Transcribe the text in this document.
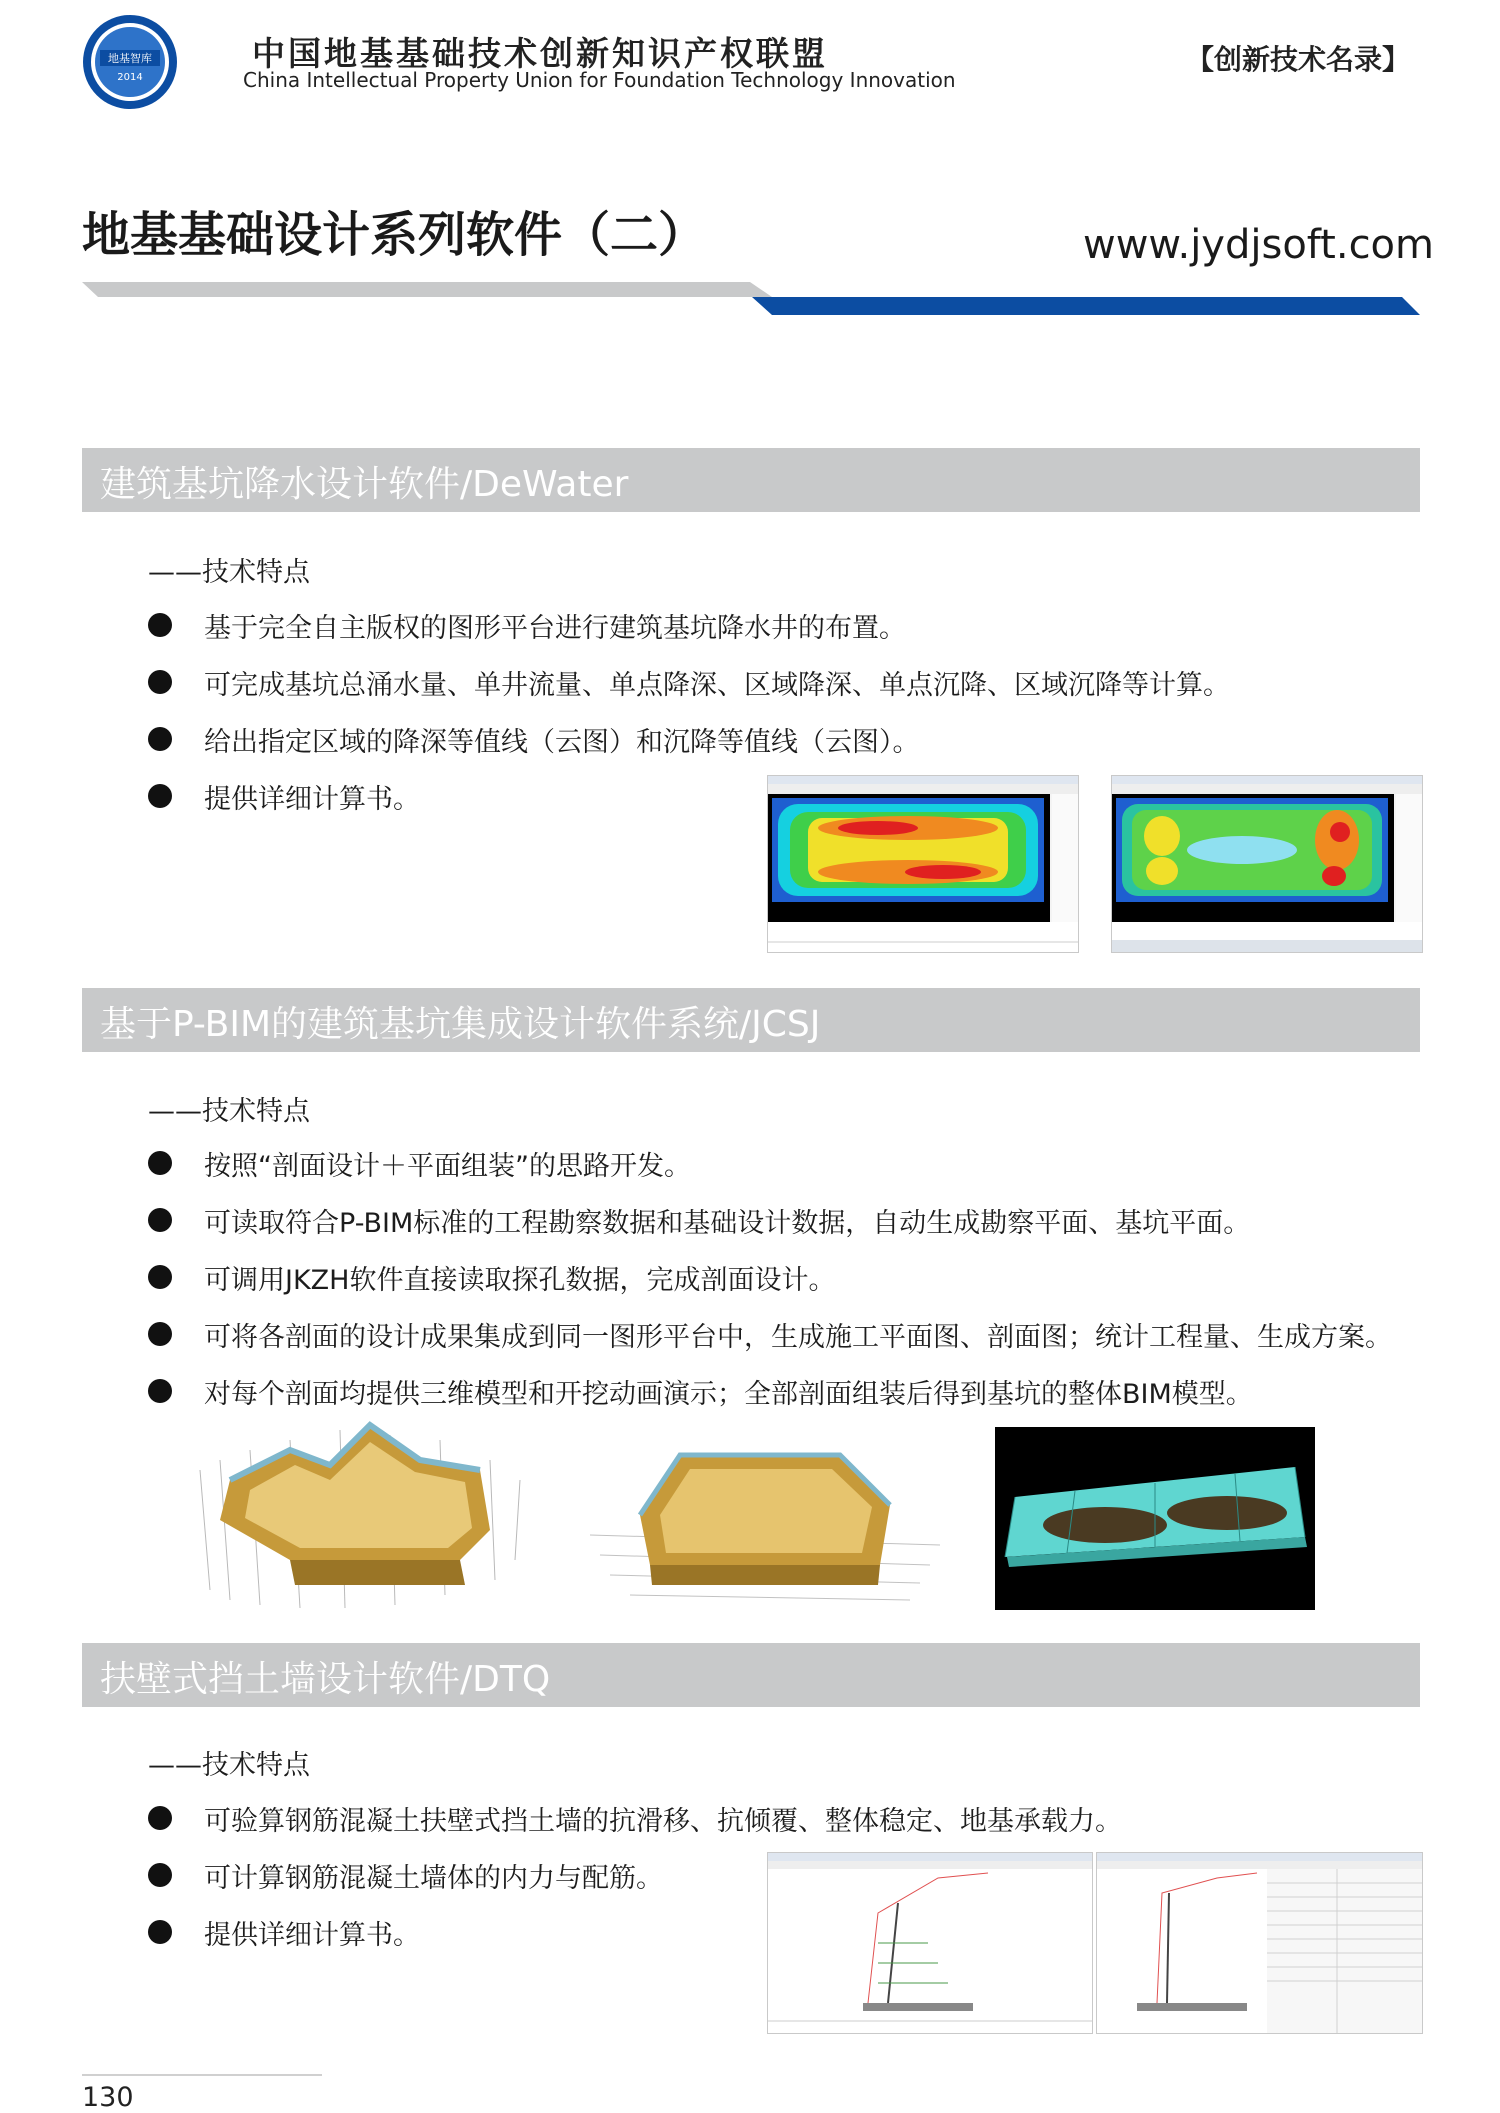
地基智库
2014
中国地基基础技术创新知识产权联盟
China Intellectual Property Union for Foundation Technology Innovation
【创新技术名录】
地基基础设计系列软件（二）	www.jydjsoft.com
建筑基坑降水设计软件/DeWater
——技术特点
基于完全自主版权的图形平台进行建筑基坑降水井的布置。
可完成基坑总涌水量、单井流量、单点降深、区域降深、单点沉降、区域沉降等计算。
给出指定区域的降深等值线（云图）和沉降等值线（云图）。
提供详细计算书。
基于P-BIM的建筑基坑集成设计软件系统/JCSJ
——技术特点
按照“剖面设计＋平面组装”的思路开发。
可读取符合P-BIM标准的工程勘察数据和基础设计数据，自动生成勘察平面、基坑平面。
可调用JKZH软件直接读取探孔数据，完成剖面设计。
可将各剖面的设计成果集成到同一图形平台中，生成施工平面图、剖面图；统计工程量、生成方案。
对每个剖面均提供三维模型和开挖动画演示；全部剖面组装后得到基坑的整体BIM模型。
扶壁式挡土墙设计软件/DTQ
——技术特点
可验算钢筋混凝土扶壁式挡土墙的抗滑移、抗倾覆、整体稳定、地基承载力。
可计算钢筋混凝土墙体的内力与配筋。
提供详细计算书。
130
